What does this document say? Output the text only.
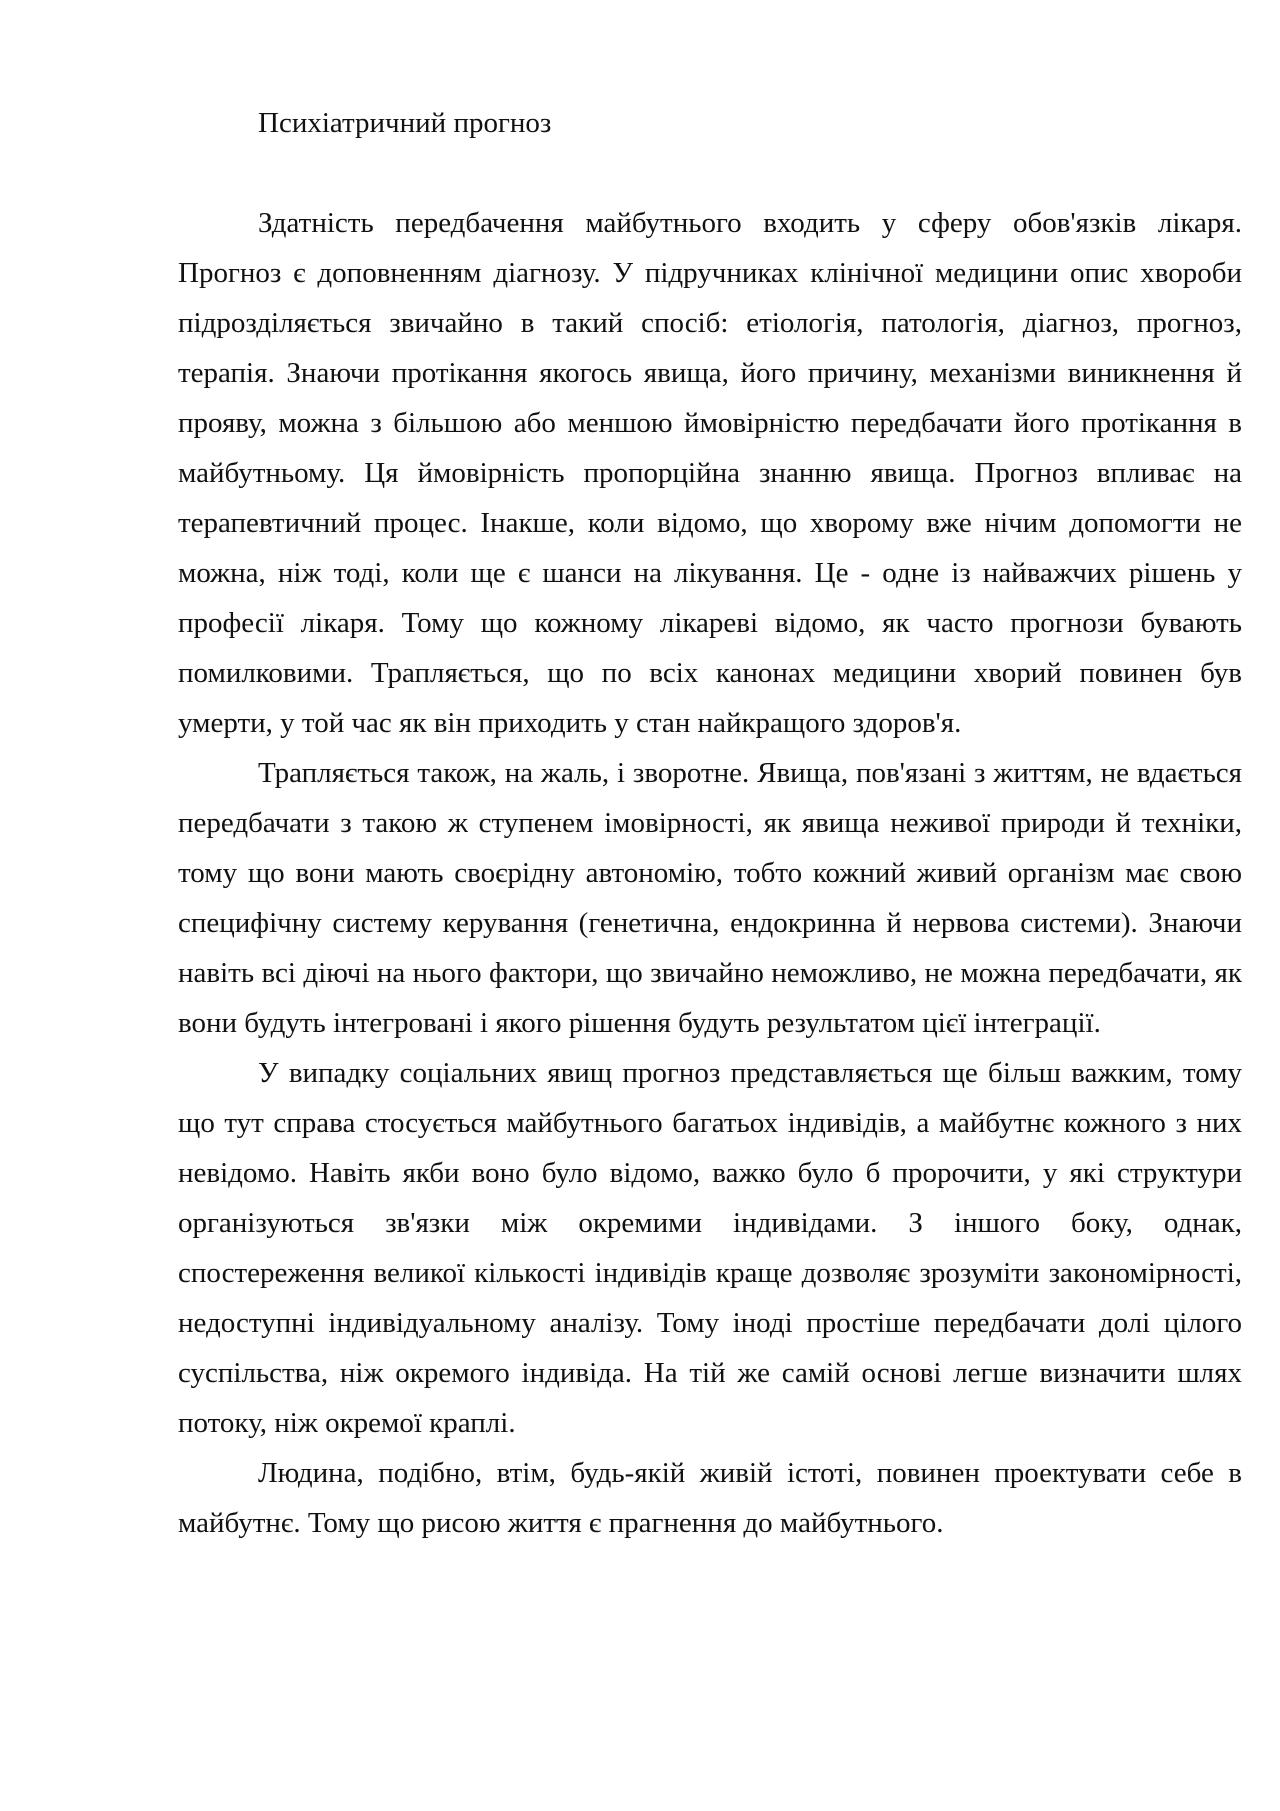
Психіатричний прогноз

Здатність передбачення майбутнього входить у сферу обов'язків лікаря. Прогноз є доповненням діагнозу. У підручниках клінічної медицини опис хвороби підрозділяється звичайно в такий спосіб: етіологія, патологія, діагноз, прогноз, терапія. Знаючи протікання якогось явища, його причину, механізми виникнення й прояву, можна з більшою або меншою ймовірністю передбачати його протікання в майбутньому. Ця ймовірність пропорційна знанню явища. Прогноз впливає на терапевтичний процес. Інакше, коли відомо, що хворому вже нічим допомогти не можна, ніж тоді, коли ще є шанси на лікування. Це - одне із найважчих рішень у професії лікаря. Тому що кожному лікареві відомо, як часто прогнози бувають помилковими. Трапляється, що по всіх канонах медицини хворий повинен був умерти, у той час як він приходить у стан найкращого здоров'я.

Трапляється також, на жаль, і зворотне. Явища, пов'язані з життям, не вдається передбачати з такою ж ступенем імовірності, як явища неживої природи й техніки, тому що вони мають своєрідну автономію, тобто кожний живий організм має свою специфічну систему керування (генетична, ендокринна й нервова системи). Знаючи навіть всі діючі на нього фактори, що звичайно неможливо, не можна передбачати, як вони будуть інтегровані і якого рішення будуть результатом цієї інтеграції.

У випадку соціальних явищ прогноз представляється ще більш важким, тому що тут справа стосується майбутнього багатьох індивідів, а майбутнє кожного з них невідомо. Навіть якби воно було відомо, важко було б пророчити, у які структури організуються зв'язки між окремими індивідами. З іншого боку, однак, спостереження великої кількості індивідів краще дозволяє зрозуміти закономірності, недоступні індивідуальному аналізу. Тому іноді простіше передбачати долі цілого суспільства, ніж окремого індивіда. На тій же самій основі легше визначити шлях потоку, ніж окремої краплі.

Людина, подібно, втім, будь-якій живій істоті, повинен проектувати себе в майбутнє. Тому що рисою життя є прагнення до майбутнього.
